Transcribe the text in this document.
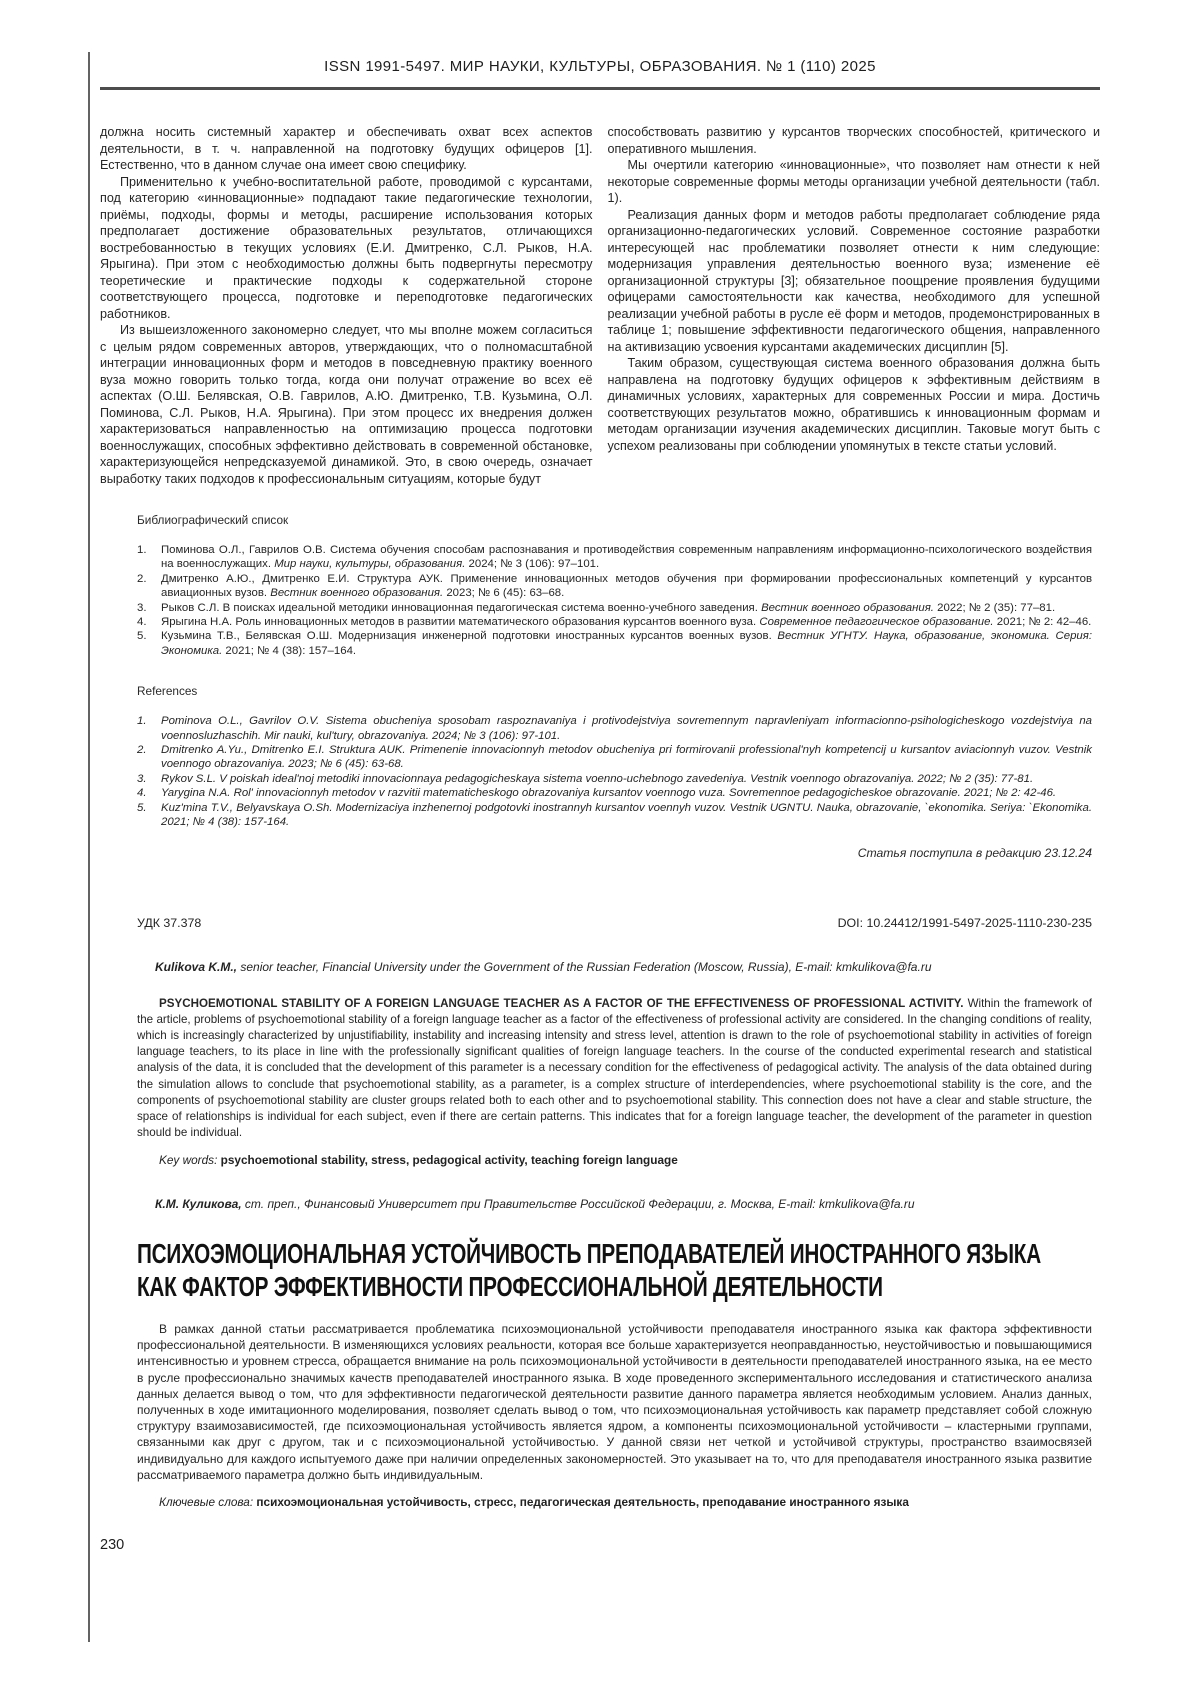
ISSN 1991-5497. МИР НАУКИ, КУЛЬТУРЫ, ОБРАЗОВАНИЯ. № 1 (110) 2025

должна носить системный характер и обеспечивать охват всех аспектов деятельности, в т. ч. направленной на подготовку будущих офицеров [1]. Естественно, что в данном случае она имеет свою специфику.

Применительно к учебно-воспитательной работе, проводимой с курсантами, под категорию «инновационные» подпадают такие педагогические технологии, приёмы, подходы, формы и методы, расширение использования которых предполагает достижение образовательных результатов, отличающихся востребованностью в текущих условиях (Е.И. Дмитренко, С.Л. Рыков, Н.А. Ярыгина). При этом с необходимостью должны быть подвергнуты пересмотру теоретические и практические подходы к содержательной стороне соответствующего процесса, подготовке и переподготовке педагогических работников.

Из вышеизложенного закономерно следует, что мы вполне можем согласиться с целым рядом современных авторов, утверждающих, что о полномасштабной интеграции инновационных форм и методов в повседневную практику военного вуза можно говорить только тогда, когда они получат отражение во всех её аспектах (О.Ш. Белявская, О.В. Гаврилов, А.Ю. Дмитренко, Т.В. Кузьмина, О.Л. Поминова, С.Л. Рыков, Н.А. Ярыгина). При этом процесс их внедрения должен характеризоваться направленностью на оптимизацию процесса подготовки военнослужащих, способных эффективно действовать в современной обстановке, характеризующейся непредсказуемой динамикой. Это, в свою очередь, означает выработку таких подходов к профессиональным ситуациям, которые будут

способствовать развитию у курсантов творческих способностей, критического и оперативного мышления.

Мы очертили категорию «инновационные», что позволяет нам отнести к ней некоторые современные формы методы организации учебной деятельности (табл. 1).

Реализация данных форм и методов работы предполагает соблюдение ряда организационно-педагогических условий. Современное состояние разработки интересующей нас проблематики позволяет отнести к ним следующие: модернизация управления деятельностью военного вуза; изменение её организационной структуры [3]; обязательное поощрение проявления будущими офицерами самостоятельности как качества, необходимого для успешной реализации учебной работы в русле её форм и методов, продемонстрированных в таблице 1; повышение эффективности педагогического общения, направленного на активизацию усвоения курсантами академических дисциплин [5].

Таким образом, существующая система военного образования должна быть направлена на подготовку будущих офицеров к эффективным действиям в динамичных условиях, характерных для современных России и мира. Достичь соответствующих результатов можно, обратившись к инновационным формам и методам организации изучения академических дисциплин. Таковые могут быть с успехом реализованы при соблюдении упомянутых в тексте статьи условий.

Библиографический список
1.	Поминова О.Л., Гаврилов О.В. Система обучения способам распознавания и противодействия современным направлениям информационно-психологического воздействия на военнослужащих. Мир науки, культуры, образования. 2024; № 3 (106): 97–101.
2.	Дмитренко А.Ю., Дмитренко Е.И. Структура АУК. Применение инновационных методов обучения при формировании профессиональных компетенций у курсантов авиационных вузов. Вестник военного образования. 2023; № 6 (45): 63–68.
3.	Рыков С.Л. В поисках идеальной методики инновационная педагогическая система военно-учебного заведения. Вестник военного образования. 2022; № 2 (35): 77–81.
4.	Ярыгина Н.А. Роль инновационных методов в развитии математического образования курсантов военного вуза. Современное педагогическое образование. 2021; № 2: 42–46.
5.	Кузьмина Т.В., Белявская О.Ш. Модернизация инженерной подготовки иностранных курсантов военных вузов. Вестник УГНТУ. Наука, образование, экономика. Серия: Экономика. 2021; № 4 (38): 157–164.
References
1.	Pominova O.L., Gavrilov O.V. Sistema obucheniya sposobam raspoznavaniya i protivodejstviya sovremennym napravleniyam informacionno-psihologicheskogo vozdejstviya na voennosluzhaschih. Mir nauki, kul'tury, obrazovaniya. 2024; № 3 (106): 97-101.
2.	Dmitrenko A.Yu., Dmitrenko E.I. Struktura AUK. Primenenie innovacionnyh metodov obucheniya pri formirovanii professional'nyh kompetencij u kursantov aviacionnyh vuzov. Vestnik voennogo obrazovaniya. 2023; № 6 (45): 63-68.
3.	Rykov S.L. V poiskah ideal'noj metodiki innovacionnaya pedagogicheskaya sistema voenno-uchebnogo zavedeniya. Vestnik voennogo obrazovaniya. 2022; № 2 (35): 77-81.
4.	Yarygina N.A. Rol' innovacionnyh metodov v razvitii matematicheskogo obrazovaniya kursantov voennogo vuza. Sovremennoe pedagogicheskoe obrazovanie. 2021; № 2: 42-46.
5.	Kuz'mina T.V., Belyavskaya O.Sh. Modernizaciya inzhenernoj podgotovki inostrannyh kursantov voennyh vuzov. Vestnik UGNTU. Nauka, obrazovanie, `ekonomika. Seriya: `Ekonomika. 2021; № 4 (38): 157-164.
Статья поступила в редакцию 23.12.24
УДК 37.378	DOI: 10.24412/1991-5497-2025-1110-230-235

Kulikova K.M., senior teacher, Financial University under the Government of the Russian Federation (Moscow, Russia), E-mail: kmkulikova@fa.ru

PSYCHOEMOTIONAL STABILITY OF A FOREIGN LANGUAGE TEACHER AS A FACTOR OF THE EFFECTIVENESS OF PROFESSIONAL ACTIVITY. Within the framework of the article, problems of psychoemotional stability of a foreign language teacher as a factor of the effectiveness of professional activity are considered. In the changing conditions of reality, which is increasingly characterized by unjustifiability, instability and increasing intensity and stress level, attention is drawn to the role of psychoemotional stability in activities of foreign language teachers, to its place in line with the professionally significant qualities of foreign language teachers. In the course of the conducted experimental research and statistical analysis of the data, it is concluded that the development of this parameter is a necessary condition for the effectiveness of pedagogical activity. The analysis of the data obtained during the simulation allows to conclude that psychoemotional stability, as a parameter, is a complex structure of interdependencies, where psychoemotional stability is the core, and the components of psychoemotional stability are cluster groups related both to each other and to psychoemotional stability. This connection does not have a clear and stable structure, the space of relationships is individual for each subject, even if there are certain patterns. This indicates that for a foreign language teacher, the development of the parameter in question should be individual.

Key words: psychoemotional stability, stress, pedagogical activity, teaching foreign language

К.М. Куликова, ст. преп., Финансовый Университет при Правительстве Российской Федерации, г. Москва, E-mail: kmkulikova@fa.ru

ПСИХОЭМОЦИОНАЛЬНАЯ УСТОЙЧИВОСТЬ ПРЕПОДАВАТЕЛЕЙ ИНОСТРАННОГО ЯЗЫКА
КАК ФАКТОР ЭФФЕКТИВНОСТИ ПРОФЕССИОНАЛЬНОЙ ДЕЯТЕЛЬНОСТИ

В рамках данной статьи рассматривается проблематика психоэмоциональной устойчивости преподавателя иностранного языка как фактора эффективности профессиональной деятельности. В изменяющихся условиях реальности, которая все больше характеризуется неоправданностью, неустойчивостью и повышающимися интенсивностью и уровнем стресса, обращается внимание на роль психоэмоциональной устойчивости в деятельности преподавателей иностранного языка, на ее место в русле профессионально значимых качеств преподавателей иностранного языка. В ходе проведенного экспериментального исследования и статистического анализа данных делается вывод о том, что для эффективности педагогической деятельности развитие данного параметра является необходимым условием. Анализ данных, полученных в ходе имитационного моделирования, позволяет сделать вывод о том, что психоэмоциональная устойчивость как параметр представляет собой сложную структуру взаимозависимостей, где психоэмоциональная устойчивость является ядром, а компоненты психоэмоциональной устойчивости – кластерными группами, связанными как друг с другом, так и с психоэмоциональной устойчивостью. У данной связи нет четкой и устойчивой структуры, пространство взаимосвязей индивидуально для каждого испытуемого даже при наличии определенных закономерностей. Это указывает на то, что для преподавателя иностранного языка развитие рассматриваемого параметра должно быть индивидуальным.

Ключевые слова: психоэмоциональная устойчивость, стресс, педагогическая деятельность, преподавание иностранного языка

230
